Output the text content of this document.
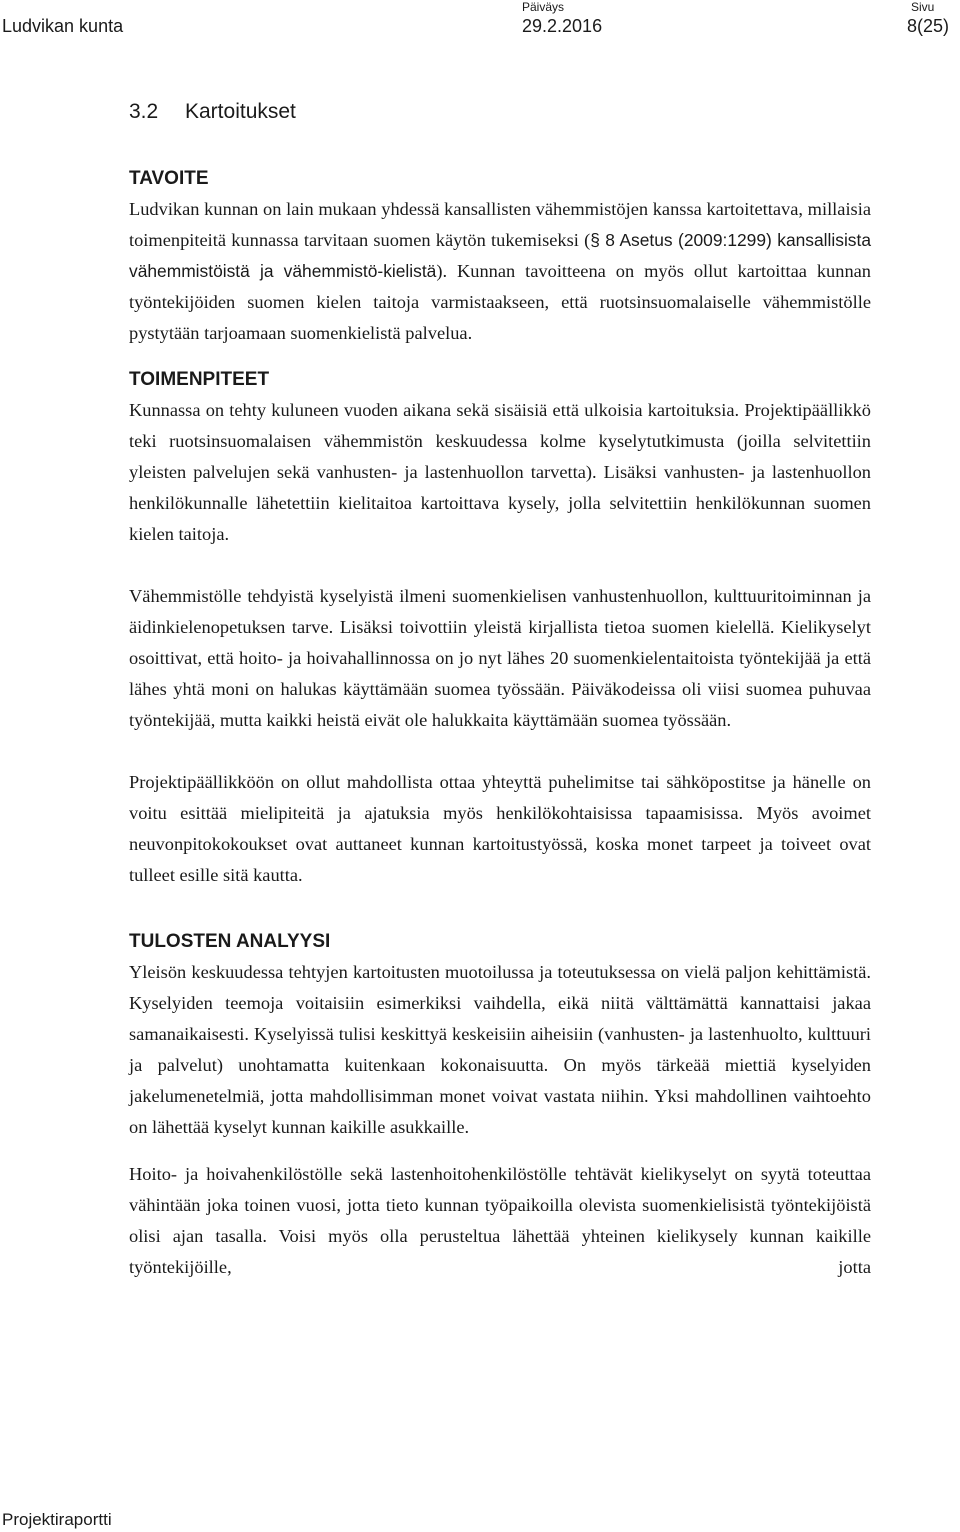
Ludvikan kunta
Päiväys
29.2.2016
Sivu
8(25)
3.2 Kartoitukset
TAVOITE

Ludvikan kunnan on lain mukaan yhdessä kansallisten vähemmistöjen kanssa kartoitettava, millaisia toimenpiteitä kunnassa tarvitaan suomen käytön tukemiseksi (§ 8 Asetus (2009:1299) kansallisista vähemmistöistä ja vähemmistö-kielistä). Kunnan tavoitteena on myös ollut kartoittaa kunnan työntekijöiden suomen kielen taitoja varmistaakseen, että ruotsinsuomalaiselle vähemmistölle pystytään tarjoamaan suomenkielistä palvelua.

TOIMENPITEET

Kunnassa on tehty kuluneen vuoden aikana sekä sisäisiä että ulkoisia kartoituksia. Projektipäällikkö teki ruotsinsuomalaisen vähemmistön keskuudessa kolme kyselytutkimusta (joilla selvitettiin yleisten palvelujen sekä vanhusten- ja lastenhuollon tarvetta). Lisäksi vanhusten- ja lastenhuollon henkilökunnalle lähetettiin kielitaitoa kartoittava kysely, jolla selvitettiin henkilökunnan suomen kielen taitoja.

Vähemmistölle tehdyistä kyselyistä ilmeni suomenkielisen vanhustenhuollon, kulttuuritoiminnan ja äidinkielenopetuksen tarve. Lisäksi toivottiin yleistä kirjallista tietoa suomen kielellä. Kielikyselyt osoittivat, että hoito- ja hoivahallinnossa on jo nyt lähes 20 suomenkielentaitoista työntekijää ja että lähes yhtä moni on halukas käyttämään suomea työssään. Päiväkodeissa oli viisi suomea puhuvaa työntekijää, mutta kaikki heistä eivät ole halukkaita käyttämään suomea työssään.

Projektipäällikköön on ollut mahdollista ottaa yhteyttä puhelimitse tai sähköpostitse ja hänelle on voitu esittää mielipiteitä ja ajatuksia myös henkilökohtaisissa tapaamisissa. Myös avoimet neuvonpitokokoukset ovat auttaneet kunnan kartoitustyössä, koska monet tarpeet ja toiveet ovat tulleet esille sitä kautta.

TULOSTEN ANALYYSI

Yleisön keskuudessa tehtyjen kartoitusten muotoilussa ja toteutuksessa on vielä paljon kehittämistä. Kyselyiden teemoja voitaisiin esimerkiksi vaihdella, eikä niitä välttämättä kannattaisi jakaa samanaikaisesti. Kyselyissä tulisi keskittyä keskeisiin aiheisiin (vanhusten- ja lastenhuolto, kulttuuri ja palvelut) unohtamatta kuitenkaan kokonaisuutta. On myös tärkeää miettiä kyselyiden jakelumenetelmiä, jotta mahdollisimman monet voivat vastata niihin. Yksi mahdollinen vaihtoehto on lähettää kyselyt kunnan kaikille asukkaille.

Hoito- ja hoivahenkilöstölle sekä lastenhoitohenkilöstölle tehtävät kielikyselyt on syytä toteuttaa vähintään joka toinen vuosi, jotta tieto kunnan työpaikoilla olevista suomenkielisistä työntekijöistä olisi ajan tasalla. Voisi myös olla perusteltua lähettää yhteinen kielikysely kunnan kaikille työntekijöille, jotta

Projektiraportti
